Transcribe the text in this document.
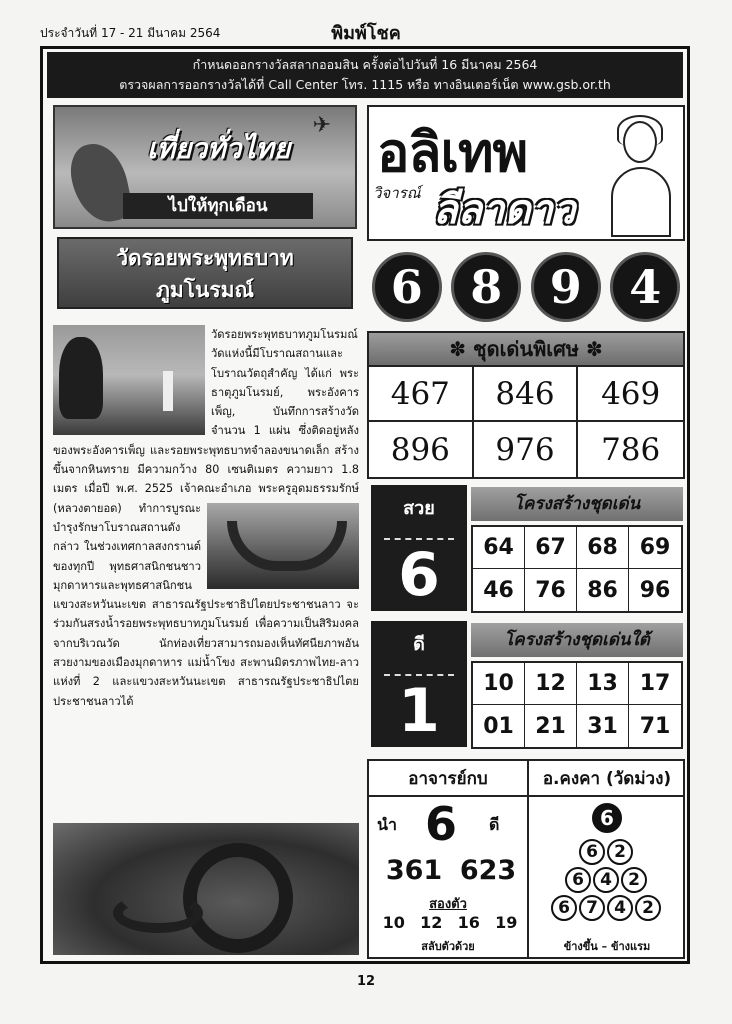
ประจำวันที่ 17 - 21 มีนาคม 2564	พิมพ์โชค
กำหนดออกรางวัลสลากออมสิน ครั้งต่อไปวันที่ 16 มีนาคม 2564
ตรวจผลการออกรางวัลได้ที่ Call Center โทร. 1115 หรือ ทางอินเตอร์เน็ต www.gsb.or.th
✈
เที่ยวทั่วไทย
ไปให้ทุกเดือน
วัดรอยพระพุทธบาท
ภูมโนรมณ์
วัดรอยพระพุทธบาทภูมโนรมณ์วัดแห่งนี้มีโบราณสถานและโบราณวัตถุสำคัญ ได้แก่ พระธาตุภูมโนรมย์, พระอังคารเพ็ญ, บันทึกการสร้างวัดจำนวน 1 แผ่น ซึ่งติดอยู่หลังของพระอังคารเพ็ญ และรอยพระพุทธบาทจำลองขนาดเล็ก สร้างขึ้นจากหินทราย มีความกว้าง 80 เซนติเมตร ความยาว 1.8 เมตร เมื่อปี พ.ศ. 2525 เจ้าคณะอำเภอ พระครูอุดมธรรมรักษ์ (หลวงตายอด)
ทำการบูรณะบำรุงรักษาโบราณสถานดังกล่าว ในช่วงเทศกาลสงกรานต์ของทุกปี พุทธศาสนิกชนชาวมุกดาหารและพุทธศาสนิกชนแขวงสะหวันนะเขต สาธารณรัฐประชาธิปไตยประชาชนลาว จะร่วมกันสรงน้ำรอยพระพุทธบาทภูมโนรมย์ เพื่อความเป็นสิริมงคล จากบริเวณวัด นักท่องเที่ยวสามารถมองเห็นทัศนียภาพอันสวยงามของเมืองมุกดาหาร แม่น้ำโขง สะพานมิตรภาพไทย-ลาว แห่งที่ 2 และแขวงสะหวันนะเขต สาธารณรัฐประชาธิปไตยประชาชนลาวได้
อลิเทพ
วิจารณ์ ลีลาดาว
6	8	9	4
✽ ชุดเด่นพิเศษ ✽
467	846	469
896	976	786
สวย
6
โครงสร้างชุดเด่น
64 67 68 69
46 76 86 96
ดี
1
โครงสร้างชุดเด่นใต้
10 12 13 17
01 21 31 71
อาจารย์กบ	อ.คงคา (วัดม่วง)
นำ 6 ดี
361 623
สองตัว
10 12 16 19
สลับตัวด้วย
6
6 2
6 4 2
6 7 4 2
ข้างขึ้น – ข้างแรม
12
